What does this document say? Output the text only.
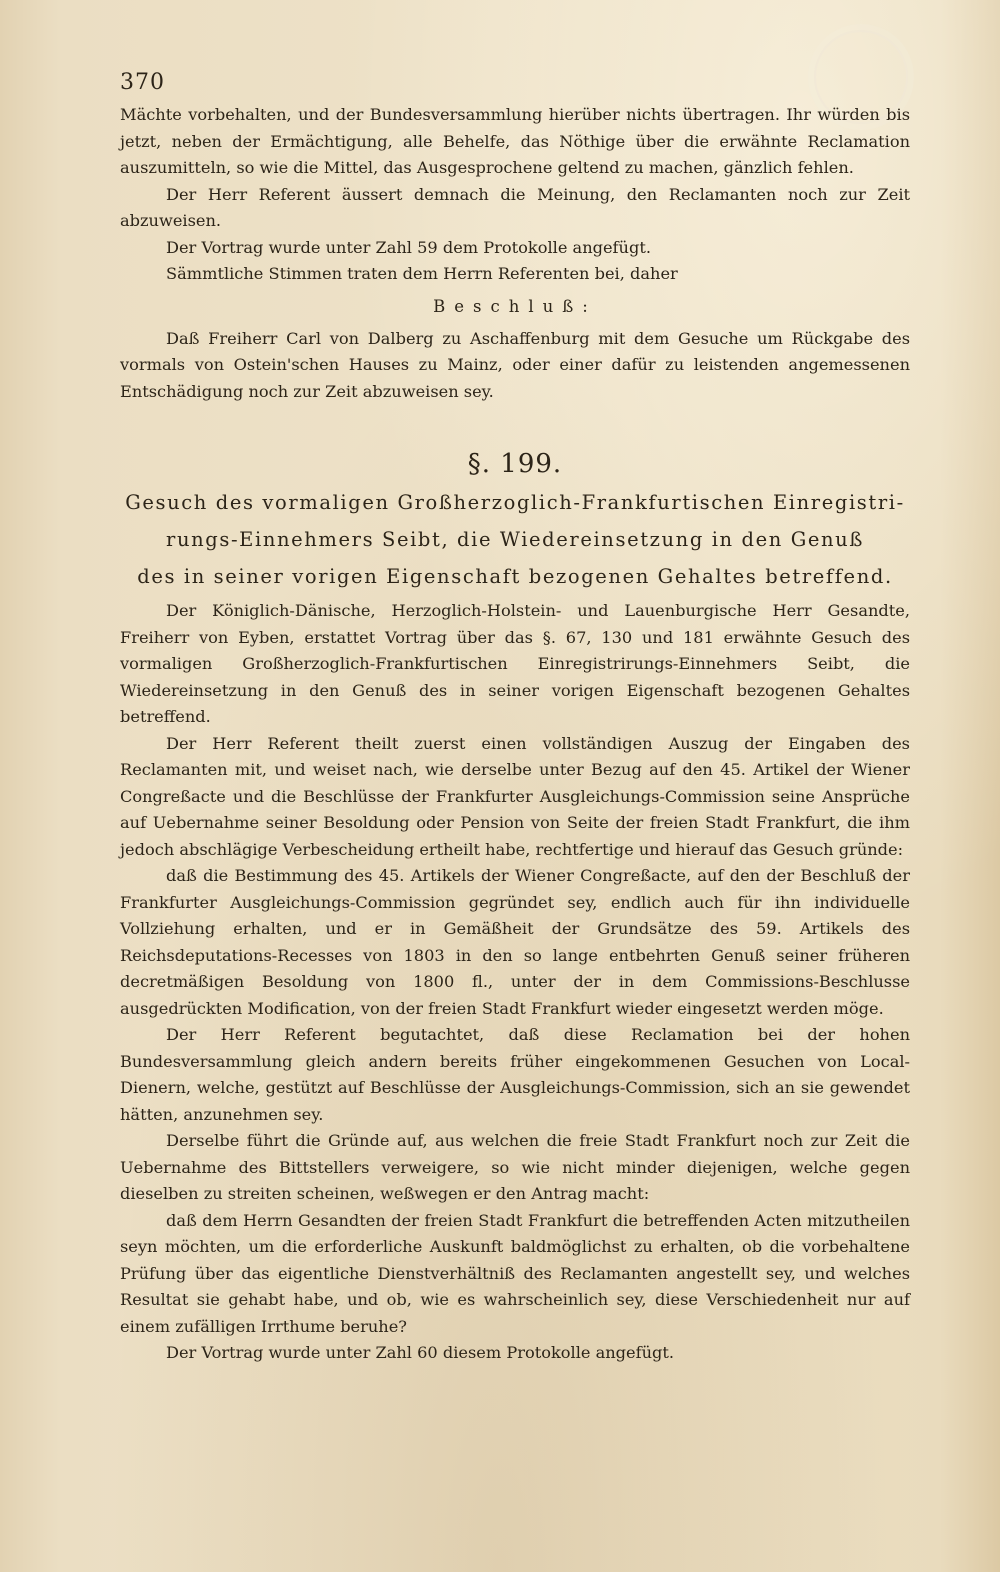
370

Mächte vorbehalten, und der Bundesversammlung hierüber nichts übertragen. Ihr würden bis jetzt, neben der Ermächtigung, alle Behelfe, das Nöthige über die erwähnte Reclamation auszumitteln, so wie die Mittel, das Ausgesprochene geltend zu machen, gänzlich fehlen.

Der Herr Referent äussert demnach die Meinung, den Reclamanten noch zur Zeit abzuweisen.

Der Vortrag wurde unter Zahl 59 dem Protokolle angefügt.

Sämmtliche Stimmen traten dem Herrn Referenten bei, daher

Beschluß:

Daß Freiherr Carl von Dalberg zu Aschaffenburg mit dem Gesuche um Rückgabe des vormals von Ostein'schen Hauses zu Mainz, oder einer dafür zu leistenden angemessenen Entschädigung noch zur Zeit abzuweisen sey.

§. 199.
Gesuch des vormaligen Großherzoglich-Frankfurtischen Einregistri-
rungs-Einnehmers Seibt, die Wiedereinsetzung in den Genuß
des in seiner vorigen Eigenschaft bezogenen Gehaltes betreffend.

Der Königlich-Dänische, Herzoglich-Holstein- und Lauenburgische Herr Gesandte, Freiherr von Eyben, erstattet Vortrag über das §. 67, 130 und 181 erwähnte Gesuch des vormaligen Großherzoglich-Frankfurtischen Einregistrirungs-Einnehmers Seibt, die Wiedereinsetzung in den Genuß des in seiner vorigen Eigenschaft bezogenen Gehaltes betreffend.

Der Herr Referent theilt zuerst einen vollständigen Auszug der Eingaben des Reclamanten mit, und weiset nach, wie derselbe unter Bezug auf den 45. Artikel der Wiener Congreßacte und die Beschlüsse der Frankfurter Ausgleichungs-Commission seine Ansprüche auf Uebernahme seiner Besoldung oder Pension von Seite der freien Stadt Frankfurt, die ihm jedoch abschlägige Verbescheidung ertheilt habe, rechtfertige und hierauf das Gesuch gründe:

daß die Bestimmung des 45. Artikels der Wiener Congreßacte, auf den der Beschluß der Frankfurter Ausgleichungs-Commission gegründet sey, endlich auch für ihn individuelle Vollziehung erhalten, und er in Gemäßheit der Grundsätze des 59. Artikels des Reichsdeputations-Recesses von 1803 in den so lange entbehrten Genuß seiner früheren decretmäßigen Besoldung von 1800 fl., unter der in dem Commissions-Beschlusse ausgedrückten Modification, von der freien Stadt Frankfurt wieder eingesetzt werden möge.

Der Herr Referent begutachtet, daß diese Reclamation bei der hohen Bundesversammlung gleich andern bereits früher eingekommenen Gesuchen von Local-Dienern, welche, gestützt auf Beschlüsse der Ausgleichungs-Commission, sich an sie gewendet hätten, anzunehmen sey.

Derselbe führt die Gründe auf, aus welchen die freie Stadt Frankfurt noch zur Zeit die Uebernahme des Bittstellers verweigere, so wie nicht minder diejenigen, welche gegen dieselben zu streiten scheinen, weßwegen er den Antrag macht:

daß dem Herrn Gesandten der freien Stadt Frankfurt die betreffenden Acten mitzutheilen seyn möchten, um die erforderliche Auskunft baldmöglichst zu erhalten, ob die vorbehaltene Prüfung über das eigentliche Dienstverhältniß des Reclamanten angestellt sey, und welches Resultat sie gehabt habe, und ob, wie es wahrscheinlich sey, diese Verschiedenheit nur auf einem zufälligen Irrthume beruhe?

Der Vortrag wurde unter Zahl 60 diesem Protokolle angefügt.
